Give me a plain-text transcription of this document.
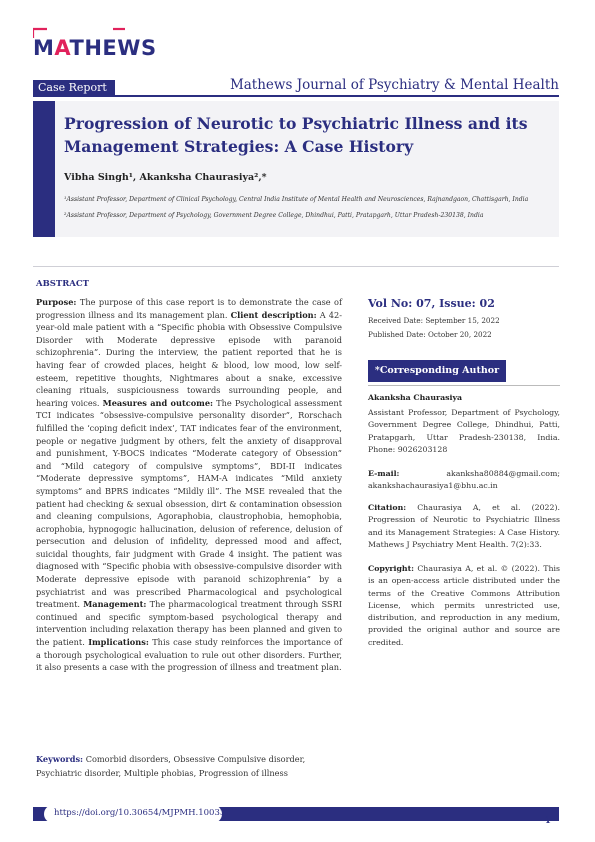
MATHEWS
Case Report	Mathews Journal of Psychiatry & Mental Health
Progression of Neurotic to Psychiatric Illness and its Management Strategies: A Case History
Vibha Singh¹, Akanksha Chaurasiya²,*
¹Assistant Professor, Department of Clinical Psychology, Central India Institute of Mental Health and Neurosciences, Rajnandgaon, Chattisgarh, India
²Assistant Professor, Department of Psychology, Government Degree College, Dhindhui, Patti, Pratapgarh, Uttar Pradesh-230138, India
ABSTRACT
Purpose: The purpose of this case report is to demonstrate the case of progression illness and its management plan. Client description: A 42-year-old male patient with a “Specific phobia with Obsessive Compulsive Disorder with Moderate depressive episode with paranoid schizophrenia”. During the interview, the patient reported that he is having fear of crowded places, height & blood, low mood, low self-esteem, repetitive thoughts, Nightmares about a snake, excessive cleaning rituals, suspiciousness towards surrounding people, and hearing voices. Measures and outcome: The Psychological assessment TCI indicates “obsessive-compulsive personality disorder”, Rorschach fulfilled the ‘coping deficit index’, TAT indicates fear of the environment, people or negative judgment by others, felt the anxiety of disapproval and punishment, Y-BOCS indicates “Moderate category of Obsession” and “Mild category of compulsive symptoms”, BDI-II indicates “Moderate depressive symptoms”, HAM-A indicates “Mild anxiety symptoms” and BPRS indicates “Mildly ill”. The MSE revealed that the patient had checking & sexual obsession, dirt & contamination obsession and cleaning compulsions, Agoraphobia, claustrophobia, hemophobia, acrophobia, hypnogogic hallucination, delusion of reference, delusion of persecution and delusion of infidelity, depressed mood and affect, suicidal thoughts, fair judgment with Grade 4 insight. The patient was diagnosed with “Specific phobia with obsessive-compulsive disorder with Moderate depressive episode with paranoid schizophrenia” by a psychiatrist and was prescribed Pharmacological and psychological treatment. Management: The pharmacological treatment through SSRI continued and specific symptom-based psychological therapy and intervention including relaxation therapy has been planned and given to the patient. Implications: This case study reinforces the importance of a thorough psychological evaluation to rule out other disorders. Further, it also presents a case with the progression of illness and treatment plan.
Keywords: Comorbid disorders, Obsessive Compulsive disorder, Psychiatric disorder, Multiple phobias, Progression of illness
Vol No: 07, Issue: 02
Received Date: September 15, 2022
Published Date: October 20, 2022
*Corresponding Author
Akanksha Chaurasiya
Assistant Professor, Department of Psychology, Government Degree College, Dhindhui, Patti, Pratapgarh, Uttar Pradesh-230138, India. Phone: 9026203128
E-mail: akanksha80884@gmail.com; akankshachaurasiya1@bhu.ac.in
Citation: Chaurasiya A, et al. (2022). Progression of Neurotic to Psychiatric Illness and its Management Strategies: A Case History. Mathews J Psychiatry Ment Health. 7(2):33.
Copyright: Chaurasiya A, et al. © (2022). This is an open-access article distributed under the terms of the Creative Commons Attribution License, which permits unrestricted use, distribution, and reproduction in any medium, provided the original author and source are credited.
https://doi.org/10.30654/MJPMH.10033
1
